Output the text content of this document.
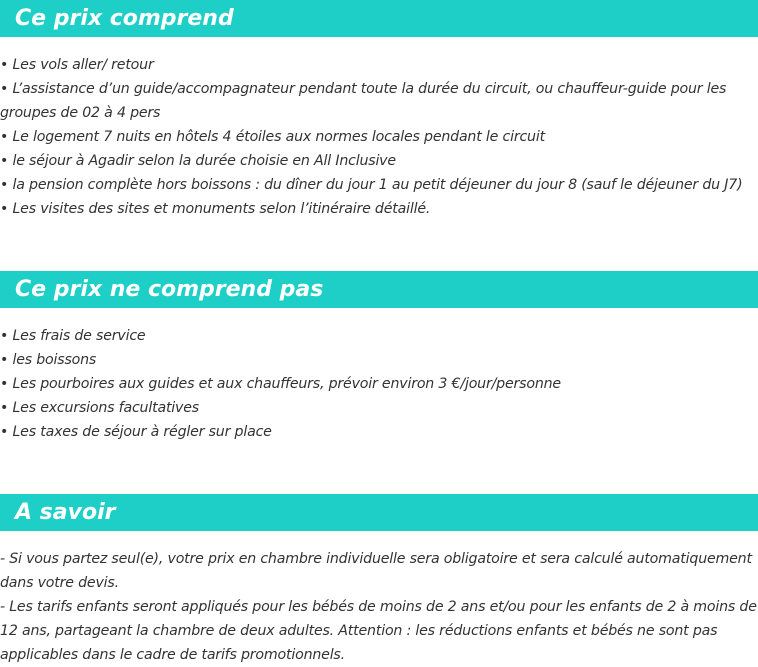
Ce prix comprend
• Les vols aller/ retour
• L’assistance d’un guide/accompagnateur pendant toute la durée du circuit, ou chauffeur-guide pour les groupes de 02 à 4 pers
• Le logement 7 nuits en hôtels 4 étoiles aux normes locales pendant le circuit
• le séjour à Agadir selon la durée choisie en All Inclusive
• la pension complète hors boissons : du dîner du jour 1 au petit déjeuner du jour 8 (sauf le déjeuner du J7)
• Les visites des sites et monuments selon l’itinéraire détaillé.
Ce prix ne comprend pas
• Les frais de service
• les boissons
• Les pourboires aux guides et aux chauffeurs, prévoir environ 3 €/jour/personne
• Les excursions facultatives
• Les taxes de séjour à régler sur place
A savoir
- Si vous partez seul(e), votre prix en chambre individuelle sera obligatoire et sera calculé automatiquement dans votre devis.
- Les tarifs enfants seront appliqués pour les bébés de moins de 2 ans et/ou pour les enfants de 2 à moins de 12 ans, partageant la chambre de deux adultes. Attention : les réductions enfants et bébés ne sont pas applicables dans le cadre de tarifs promotionnels.
